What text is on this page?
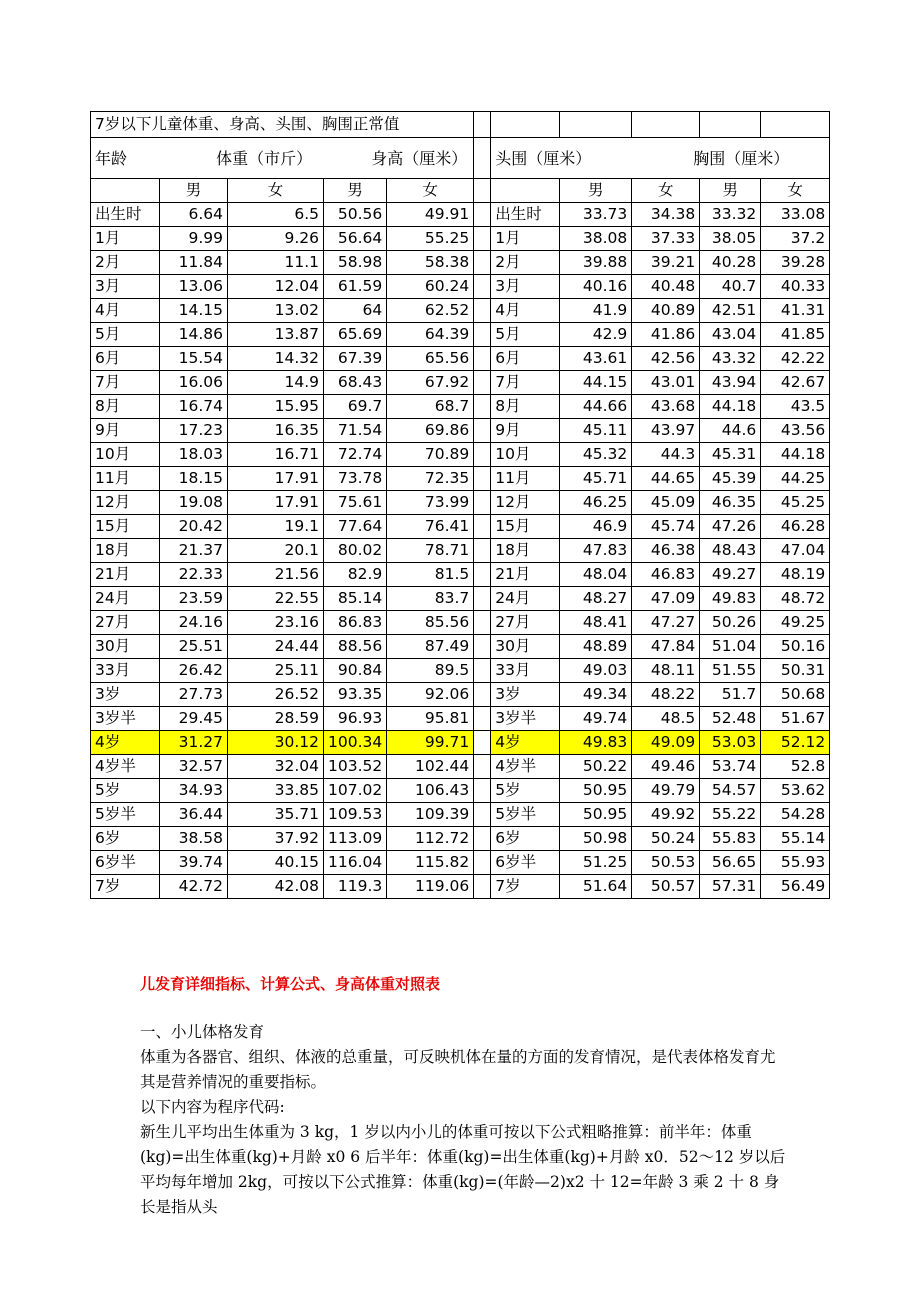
7岁以下儿童体重、身高、头围、胸围正常值										

年龄 体重（市斤） 身高（厘米）						头围（厘米） 胸围（厘米）				

	男	女	男	女			男	女	男	女
出生时	6.64	6.5	50.56	49.91		出生时	33.73	34.38	33.32	33.08
1月	9.99	9.26	56.64	55.25		1月	38.08	37.33	38.05	37.2
2月	11.84	11.1	58.98	58.38		2月	39.88	39.21	40.28	39.28
3月	13.06	12.04	61.59	60.24		3月	40.16	40.48	40.7	40.33
4月	14.15	13.02	64	62.52		4月	41.9	40.89	42.51	41.31
5月	14.86	13.87	65.69	64.39		5月	42.9	41.86	43.04	41.85
6月	15.54	14.32	67.39	65.56		6月	43.61	42.56	43.32	42.22
7月	16.06	14.9	68.43	67.92		7月	44.15	43.01	43.94	42.67
8月	16.74	15.95	69.7	68.7		8月	44.66	43.68	44.18	43.5
9月	17.23	16.35	71.54	69.86		9月	45.11	43.97	44.6	43.56
10月	18.03	16.71	72.74	70.89		10月	45.32	44.3	45.31	44.18
11月	18.15	17.91	73.78	72.35		11月	45.71	44.65	45.39	44.25
12月	19.08	17.91	75.61	73.99		12月	46.25	45.09	46.35	45.25
15月	20.42	19.1	77.64	76.41		15月	46.9	45.74	47.26	46.28
18月	21.37	20.1	80.02	78.71		18月	47.83	46.38	48.43	47.04
21月	22.33	21.56	82.9	81.5		21月	48.04	46.83	49.27	48.19
24月	23.59	22.55	85.14	83.7		24月	48.27	47.09	49.83	48.72
27月	24.16	23.16	86.83	85.56		27月	48.41	47.27	50.26	49.25
30月	25.51	24.44	88.56	87.49		30月	48.89	47.84	51.04	50.16
33月	26.42	25.11	90.84	89.5		33月	49.03	48.11	51.55	50.31
3岁	27.73	26.52	93.35	92.06		3岁	49.34	48.22	51.7	50.68
3岁半	29.45	28.59	96.93	95.81		3岁半	49.74	48.5	52.48	51.67
4岁	31.27	30.12	100.34	99.71		4岁	49.83	49.09	53.03	52.12
4岁半	32.57	32.04	103.52	102.44		4岁半	50.22	49.46	53.74	52.8
5岁	34.93	33.85	107.02	106.43		5岁	50.95	49.79	54.57	53.62
5岁半	36.44	35.71	109.53	109.39		5岁半	50.95	49.92	55.22	54.28
6岁	38.58	37.92	113.09	112.72		6岁	50.98	50.24	55.83	55.14
6岁半	39.74	40.15	116.04	115.82		6岁半	51.25	50.53	56.65	55.93
7岁	42.72	42.08	119.3	119.06		7岁	51.64	50.57	57.31	56.49
儿发育详细指标、计算公式、身高体重对照表

一、小儿体格发育

体重为各器官、组织、体液的总重量，可反映机体在量的方面的发育情况，是代表体格发育尤其是营养情况的重要指标。

以下内容为程序代码:

新生儿平均出生体重为 3 kg，1 岁以内小儿的体重可按以下公式粗略推算：前半年：体重(kg)=出生体重(kg)+月龄 x0 6 后半年：体重(kg)=出生体重(kg)+月龄 x0．52～12 岁以后平均每年增加 2kg，可按以下公式推算：体重(kg)=(年龄—2)x2 十 12=年龄 3 乘 2 十 8 身长是指从头
